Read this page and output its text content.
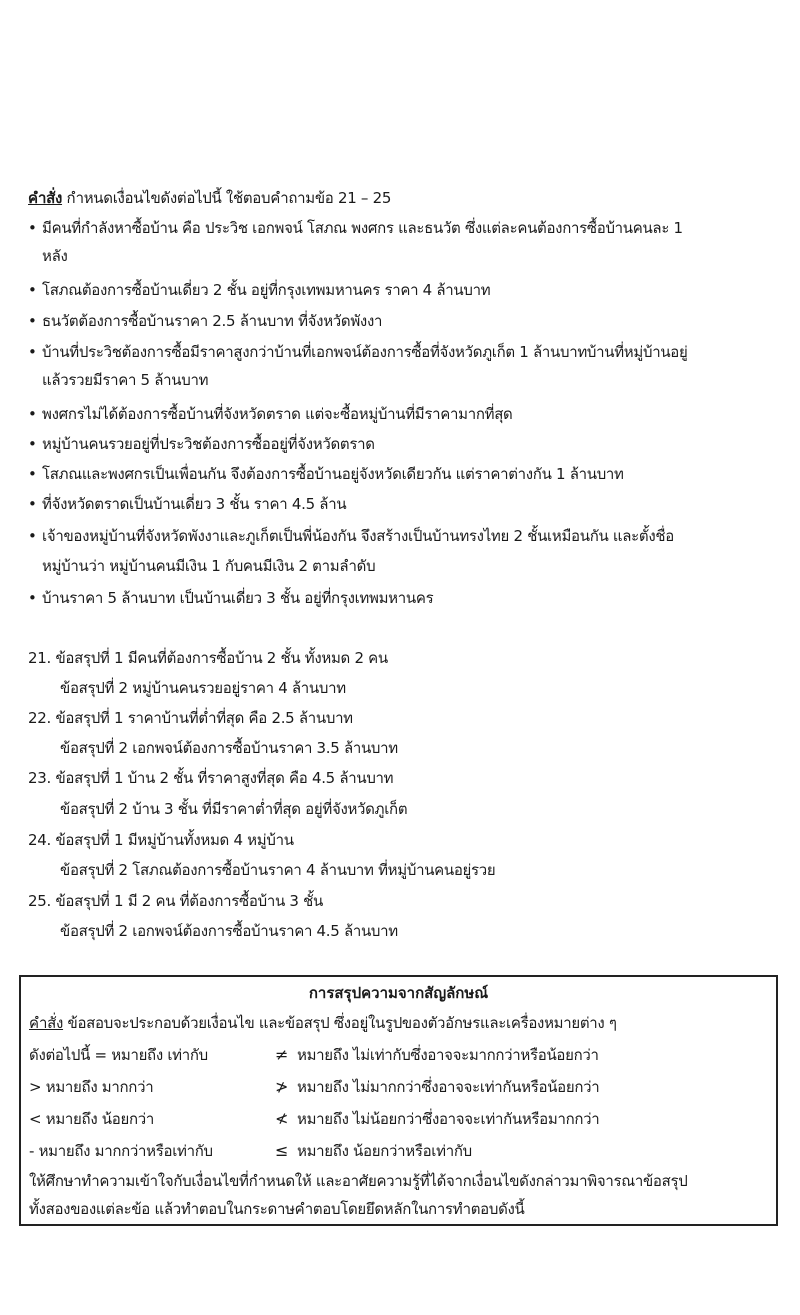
คำสั่ง กำหนดเงื่อนไขดังต่อไปนี้ ใช้ตอบคำถามข้อ 21 – 25
• มีคนที่กำลังหาซื้อบ้าน คือ ประวิช เอกพจน์ โสภณ พงศกร และธนวัต ซึ่งแต่ละคนต้องการซื้อบ้านคนละ 1
หลัง
• โสภณต้องการซื้อบ้านเดี่ยว 2 ชั้น อยู่ที่กรุงเทพมหานคร ราคา 4 ล้านบาท
• ธนวัตต้องการซื้อบ้านราคา 2.5 ล้านบาท ที่จังหวัดพังงา
• บ้านที่ประวิชต้องการซื้อมีราคาสูงกว่าบ้านที่เอกพจน์ต้องการซื้อที่จังหวัดภูเก็ต 1 ล้านบาทบ้านที่หมู่บ้านอยู่
แล้วรวยมีราคา 5 ล้านบาท
• พงศกรไม่ได้ต้องการซื้อบ้านที่จังหวัดตราด แต่จะซื้อหมู่บ้านที่มีราคามากที่สุด
• หมู่บ้านคนรวยอยู่ที่ประวิชต้องการซื้ออยู่ที่จังหวัดตราด
• โสภณและพงศกรเป็นเพื่อนกัน จึงต้องการซื้อบ้านอยู่จังหวัดเดียวกัน แต่ราคาต่างกัน 1 ล้านบาท
• ที่จังหวัดตราดเป็นบ้านเดี่ยว 3 ชั้น ราคา 4.5 ล้าน
• เจ้าของหมู่บ้านที่จังหวัดพังงาและภูเก็ตเป็นพี่น้องกัน จึงสร้างเป็นบ้านทรงไทย 2 ชั้นเหมือนกัน และตั้งชื่อ
หมู่บ้านว่า หมู่บ้านคนมีเงิน 1 กับคนมีเงิน 2 ตามลำดับ
• บ้านราคา 5 ล้านบาท เป็นบ้านเดี่ยว 3 ชั้น อยู่ที่กรุงเทพมหานคร
21. ข้อสรุปที่ 1 มีคนที่ต้องการซื้อบ้าน 2 ชั้น ทั้งหมด 2 คน
ข้อสรุปที่ 2 หมู่บ้านคนรวยอยู่ราคา 4 ล้านบาท
22. ข้อสรุปที่ 1 ราคาบ้านที่ต่ำที่สุด คือ 2.5 ล้านบาท
ข้อสรุปที่ 2 เอกพจน์ต้องการซื้อบ้านราคา 3.5 ล้านบาท
23. ข้อสรุปที่ 1 บ้าน 2 ชั้น ที่ราคาสูงที่สุด คือ 4.5 ล้านบาท
ข้อสรุปที่ 2 บ้าน 3 ชั้น ที่มีราคาต่ำที่สุด อยู่ที่จังหวัดภูเก็ต
24. ข้อสรุปที่ 1 มีหมู่บ้านทั้งหมด 4 หมู่บ้าน
ข้อสรุปที่ 2 โสภณต้องการซื้อบ้านราคา 4 ล้านบาท ที่หมู่บ้านคนอยู่รวย
25. ข้อสรุปที่ 1 มี 2 คน ที่ต้องการซื้อบ้าน 3 ชั้น
ข้อสรุปที่ 2 เอกพจน์ต้องการซื้อบ้านราคา 4.5 ล้านบาท
การสรุปความจากสัญลักษณ์
คำสั่ง ข้อสอบจะประกอบด้วยเงื่อนไข และข้อสรุป ซึ่งอยู่ในรูปของตัวอักษรและเครื่องหมายต่าง ๆ
ดังต่อไปนี้ = หมายถึง เท่ากับ
> หมายถึง มากกว่า
< หมายถึง น้อยกว่า
- หมายถึง มากกว่าหรือเท่ากับ
≠ หมายถึง ไม่เท่ากับซึ่งอาจจะมากกว่าหรือน้อยกว่า
≯ หมายถึง ไม่มากกว่าซึ่งอาจจะเท่ากันหรือน้อยกว่า
≮ หมายถึง ไม่น้อยกว่าซึ่งอาจจะเท่ากันหรือมากกว่า
≤ หมายถึง น้อยกว่าหรือเท่ากับ
ให้ศึกษาทำความเข้าใจกับเงื่อนไขที่กำหนดให้ และอาศัยความรู้ที่ได้จากเงื่อนไขดังกล่าวมาพิจารณาข้อสรุป
ทั้งสองของแต่ละข้อ แล้วทำตอบในกระดาษคำตอบโดยยึดหลักในการทำตอบดังนี้
